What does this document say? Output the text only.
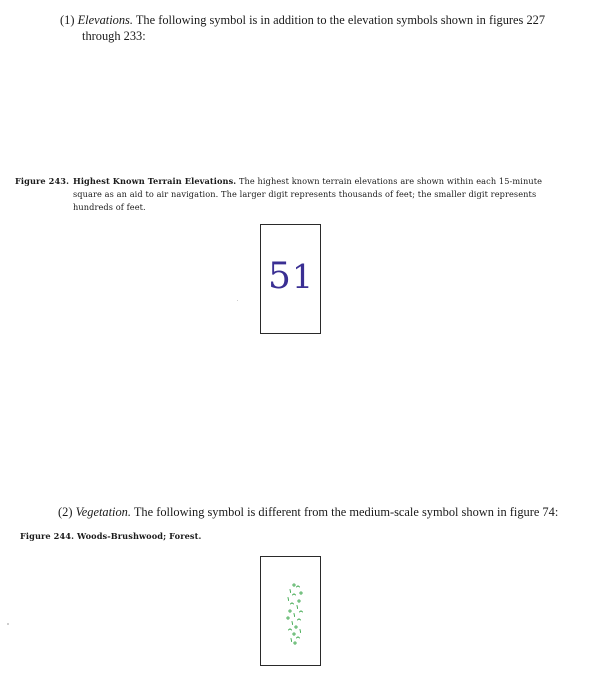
(1) Elevations. The following symbol is in addition to the elevation symbols shown in figures 227
through 233:
Figure 243. Highest Known Terrain Elevations. The highest known terrain elevations are shown within each 15-minute
square as an aid to air navigation. The larger digit represents thousands of feet; the smaller digit represents
hundreds of feet.
51
(2) Vegetation. The following symbol is different from the medium-scale symbol shown in figure 74:
Figure 244. Woods-Brushwood; Forest.
